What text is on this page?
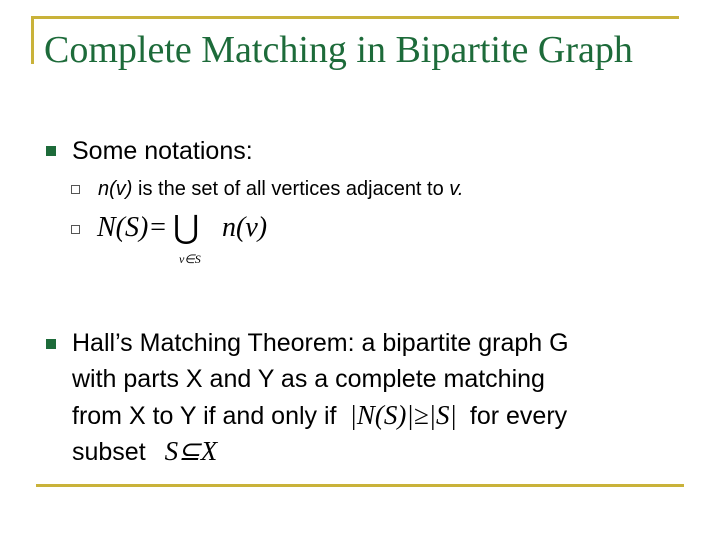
Complete Matching in Bipartite Graph
Some notations:
n(v) is the set of all vertices adjacent to v.
N(S)= ⋃
v∈S
n(v)
Hall’s Matching Theorem: a bipartite graph G
with parts X and Y as a complete matching
from X to Y if and only if |N(S)|≥|S| for every
subset S⊆X
